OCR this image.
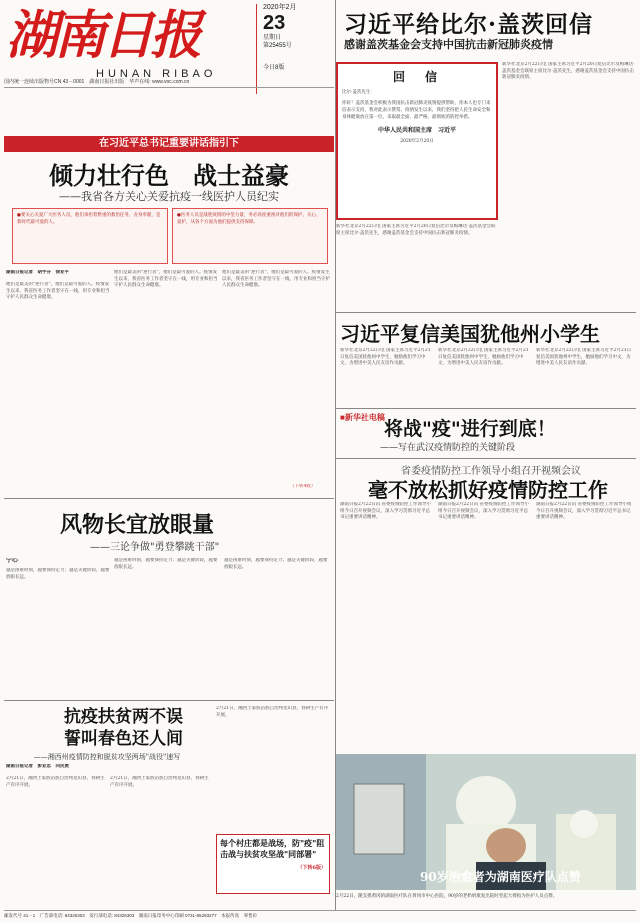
湖南日报
HUNAN RIBAO
2020年2月
23
星期日
第25455号
今日8版
国内统一连续出版物号CN 43－0001　湖南日报社出版　华声在线: www.voc.com.cn
习近平给比尔·盖茨回信
感谢盖茨基金会支持中国抗击新冠肺炎疫情
回　信
比尔·盖茨先生：
你好！盖茨基金会积极为我国抗击新冠肺炎疫情提供帮助，你本人也专门来信表示支持，我对此表示赞赏。疫情发生以来，我们坚持把人民生命安全和身体健康放在第一位，采取最全面、最严格、最彻底的防控举措。
中华人民共和国主席　习近平
2020年2月20日
新华社北京2月22日电 国家主席习近平2月20日复信比尔及梅琳达·盖茨基金会联席主席比尔·盖茨先生，感谢盖茨基金会支持中国抗击新冠肺炎疫情。
新华社北京2月22日电 国家主席习近平2月20日复信比尔及梅琳达·盖茨基金会联席主席比尔·盖茨先生，感谢盖茨基金会支持中国抗击新冠肺炎疫情。
在习近平总书记重要讲话指引下
倾力壮行色　战士益豪
——我省各方关心关爱抗疫一线医护人员纪实
●要关心关爱广大医务人员，他们承担着繁重的救治任务，舍身奉献，是新时代最可爱的人。
●医务人员是战胜疫情的中坚力量，务必高度重视对他们的保护、关心、爱护，从各个方面为他们提供支持保障。
湖南日报记者　胡宇芬　徐亚平
他们是最美的"逆行者"，他们是最可爱的人。疫情发生以来，我省医务工作者坚守在一线，用专业和担当守护人民群众生命健康。
他们是最美的"逆行者"，他们是最可爱的人。疫情发生以来，我省医务工作者坚守在一线，用专业和担当守护人民群众生命健康。
他们是最美的"逆行者"，他们是最可爱的人。疫情发生以来，我省医务工作者坚守在一线，用专业和担当守护人民群众生命健康。
（下转4版）
风物长宜放眼量
——三论争做"勇登攀跳干部"
宁心
越是困难时刻，越要保持定力；越是关键阶段，越要放眼长远。
越是困难时刻，越要保持定力；越是关键阶段，越要放眼长远。
越是困难时刻，越要保持定力；越是关键阶段，越要放眼长远。
抗疫扶贫两不误
誓叫春色还人间
——湘西州疫情防控和脱贫攻坚两场"战役"速写
湖南日报记者　彭业忠　向民贵
2月21日，湘西土家族苗族自治州龙山县，春耕生产有序开展。
2月21日，湘西土家族苗族自治州龙山县，春耕生产有序开展。
2月21日，湘西土家族苗族自治州龙山县，春耕生产有序开展。
每个村庄都是战场，防"疫"阻击战与扶贫攻坚战"同部署"
（下转6版）
习近平复信美国犹他州小学生
新华社北京2月22日电 国家主席习近平2月21日复信美国犹他州中学生，勉励他们学习中文，为增进中美人民友谊作贡献。
新华社北京2月22日电 国家主席习近平2月21日复信美国犹他州中学生，勉励他们学习中文，为增进中美人民友谊作贡献。
新华社北京2月22日电 国家主席习近平2月21日复信美国犹他州中学生，勉励他们学习中文，为增进中美人民友谊作贡献。
■新华社电稿
将战"疫"进行到底！
——写在武汉疫情防控的关键阶段
省委疫情防控工作领导小组召开视频会议
毫不放松抓好疫情防控工作
湖南日报2月22日讯 省委疫情防控工作领导小组今日召开视频会议，深入学习贯彻习近平总书记重要讲话精神。
湖南日报2月22日讯 省委疫情防控工作领导小组今日召开视频会议，深入学习贯彻习近平总书记重要讲话精神。
湖南日报2月22日讯 省委疫情防控工作领导小组今日召开视频会议，深入学习贯彻习近平总书记重要讲话精神。
90岁治愈者为湖南医疗队点赞
2月22日，随支援黄冈的湖南医疗队在黄冈市中心医院，90岁的老奶奶康复出院时竖起大拇指为医护人员点赞。
邮发代号 41－1　广告部电话: 84326303　发行部电话: 84326303　湖南日报印务中心印刷 0731-85283277　本报传真　零售价
